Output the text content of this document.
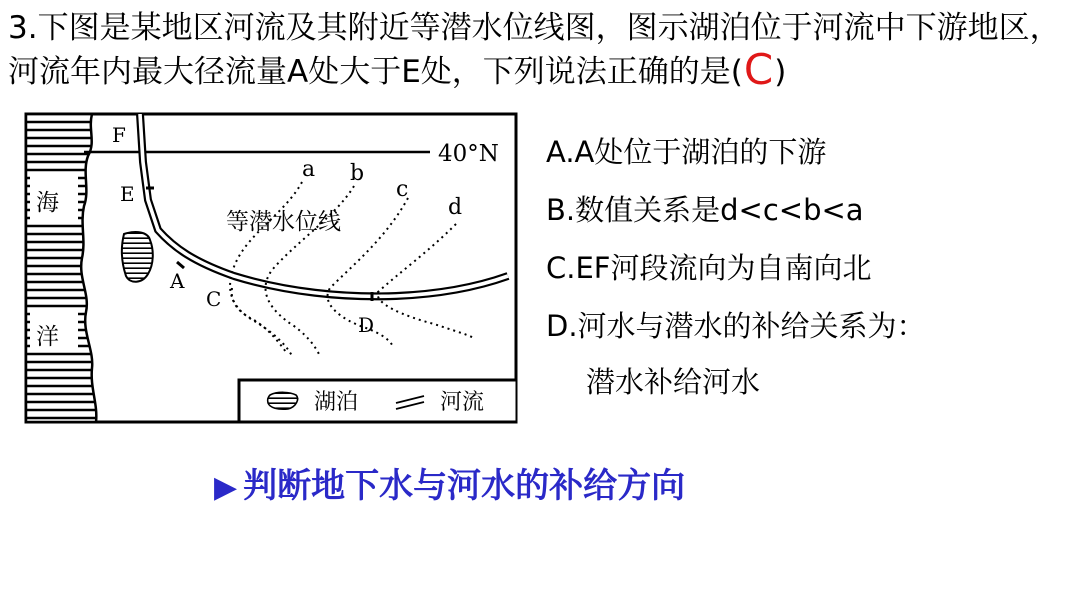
3.下图是某地区河流及其附近等潜水位线图，图示湖泊位于河流中下游地区，河流年内最大径流量A处大于E处，下列说法正确的是(C)
海
洋
40°N
等潜水位线
a b
c
d
F
E
A
C
D
湖泊	河流
A.A处位于湖泊的下游
B.数值关系是d<c<b<a
C.EF河段流向为自南向北
D.河水与潜水的补给关系为：
潜水补给河水
▶ 判断地下水与河水的补给方向
